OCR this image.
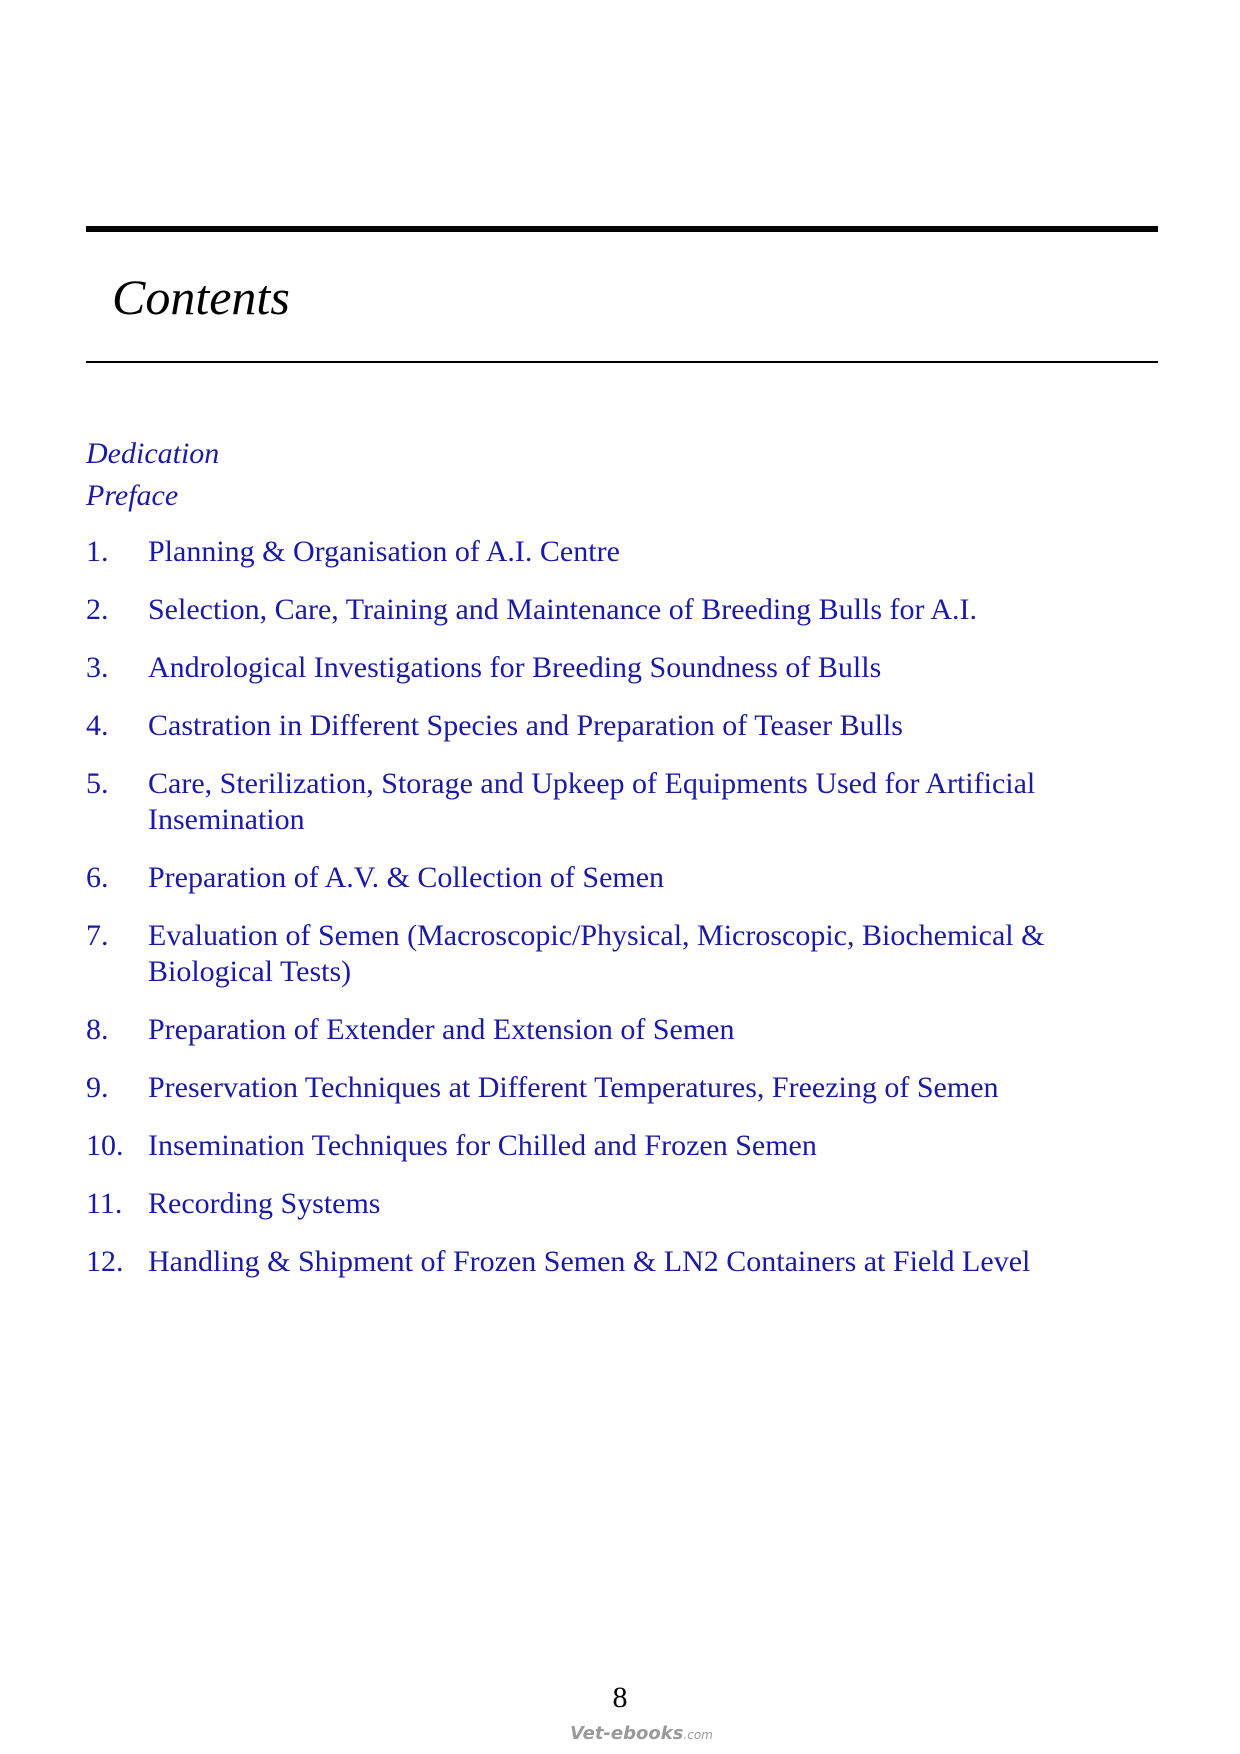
Contents
Dedication
Preface
1.	Planning & Organisation of A.I. Centre
2.	Selection, Care, Training and Maintenance of Breeding Bulls for A.I.
3.	Andrological Investigations for Breeding Soundness of Bulls
4.	Castration in Different Species and Preparation of Teaser Bulls
5.	Care, Sterilization, Storage and Upkeep of Equipments Used for Artificial Insemination
6.	Preparation of A.V. & Collection of Semen
7.	Evaluation of Semen (Macroscopic/Physical, Microscopic, Biochemical & Biological Tests)
8.	Preparation of Extender and Extension of Semen
9.	Preservation Techniques at Different Temperatures, Freezing of Semen
10. Insemination Techniques for Chilled and Frozen Semen
11. Recording Systems
12. Handling & Shipment of Frozen Semen & LN2 Containers at Field Level
8
Vet-ebooks.com
